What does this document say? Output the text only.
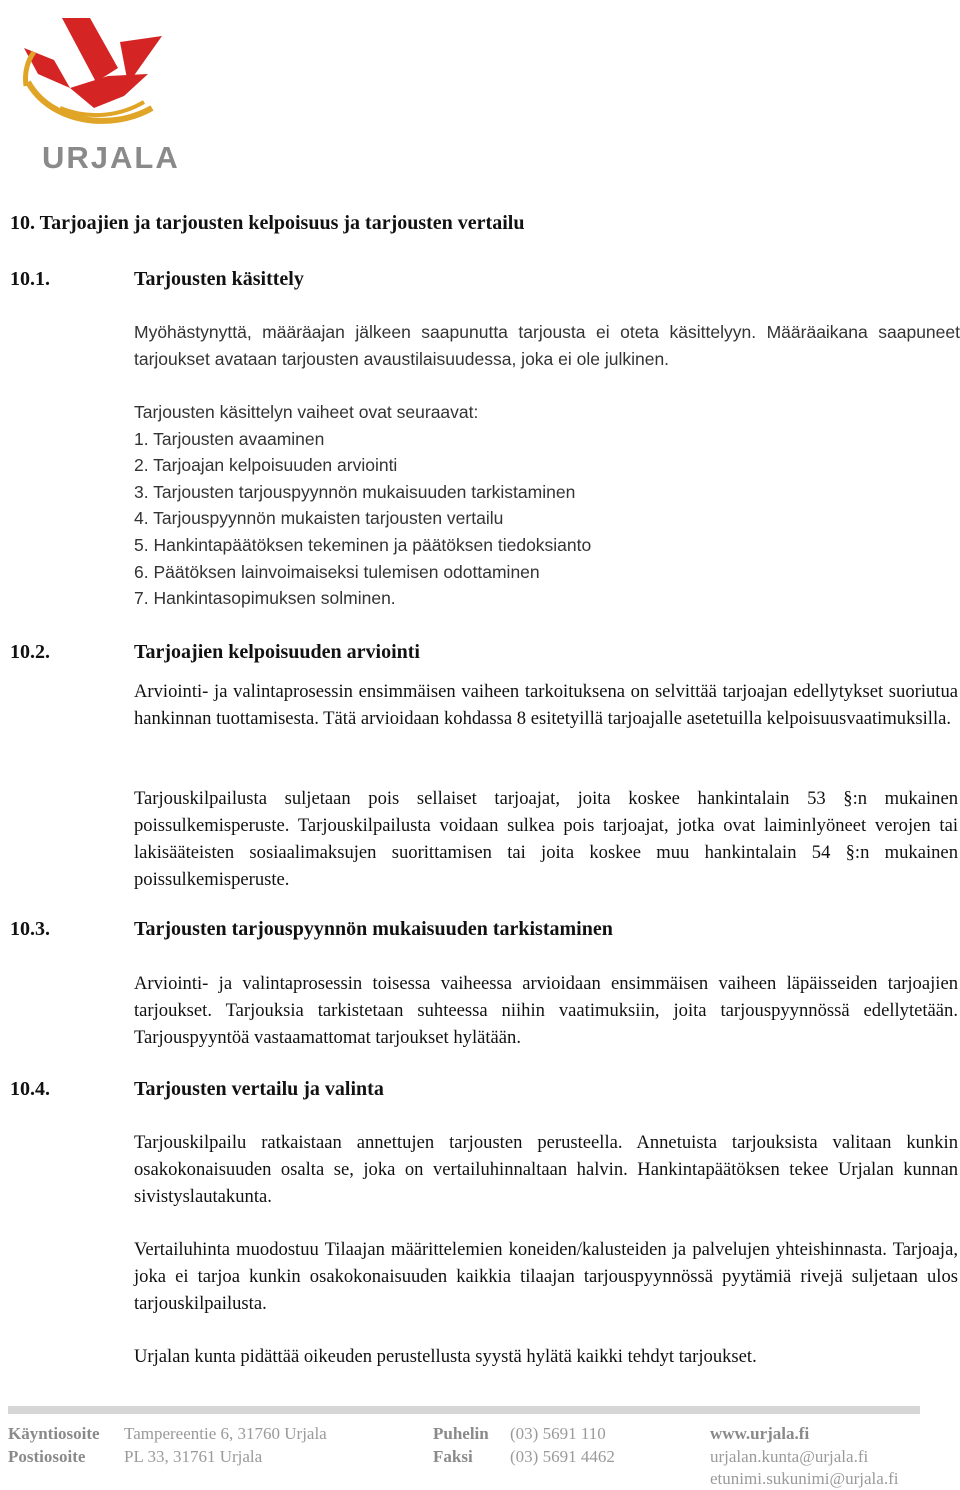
URJALA
10. Tarjoajien ja tarjousten kelpoisuus ja tarjousten vertailu
10.1.	Tarjousten käsittely
Myöhästynyttä, määräajan jälkeen saapunutta tarjousta ei oteta käsittelyyn. Määräaikana saapuneet tarjoukset avataan tarjousten avaustilaisuudessa, joka ei ole julkinen.
Tarjousten käsittelyn vaiheet ovat seuraavat:
1. Tarjousten avaaminen
2. Tarjoajan kelpoisuuden arviointi
3. Tarjousten tarjouspyynnön mukaisuuden tarkistaminen
4. Tarjouspyynnön mukaisten tarjousten vertailu
5. Hankintapäätöksen tekeminen ja päätöksen tiedoksianto
6. Päätöksen lainvoimaiseksi tulemisen odottaminen
7. Hankintasopimuksen solminen.
10.2.	Tarjoajien kelpoisuuden arviointi
Arviointi- ja valintaprosessin ensimmäisen vaiheen tarkoituksena on selvittää tarjoajan edellytykset suoriutua hankinnan tuottamisesta. Tätä arvioidaan kohdassa 8 esitetyillä tarjoajalle asetetuilla kelpoisuusvaatimuksilla.
Tarjouskilpailusta suljetaan pois sellaiset tarjoajat, joita koskee hankintalain 53 §:n mukainen poissulkemisperuste. Tarjouskilpailusta voidaan sulkea pois tarjoajat, jotka ovat laiminlyöneet verojen tai lakisääteisten sosiaalimaksujen suorittamisen tai joita koskee muu hankintalain 54 §:n mukainen poissulkemisperuste.
10.3.	Tarjousten tarjouspyynnön mukaisuuden tarkistaminen
Arviointi- ja valintaprosessin toisessa vaiheessa arvioidaan ensimmäisen vaiheen läpäisseiden tarjoajien tarjoukset. Tarjouksia tarkistetaan suhteessa niihin vaatimuksiin, joita tarjouspyynnössä edellytetään. Tarjouspyyntöä vastaamattomat tarjoukset hylätään.
10.4.	Tarjousten vertailu ja valinta
Tarjouskilpailu ratkaistaan annettujen tarjousten perusteella. Annetuista tarjouksista valitaan kunkin osakokonaisuuden osalta se, joka on vertailuhinnaltaan halvin. Hankintapäätöksen tekee Urjalan kunnan sivistyslautakunta.
Vertailuhinta muodostuu Tilaajan määrittelemien koneiden/kalusteiden ja palvelujen yhteishinnasta. Tarjoaja, joka ei tarjoa kunkin osakokonaisuuden kaikkia tilaajan tarjouspyynnössä pyytämiä rivejä suljetaan ulos tarjouskilpailusta.
Urjalan kunta pidättää oikeuden perustellusta syystä hylätä kaikki tehdyt tarjoukset.
Käyntiosoite Tampereentie 6, 31760 Urjala
Postiosoite PL 33, 31761 Urjala
Puhelin (03) 5691 110
Faksi (03) 5691 4462
www.urjala.fi
urjalan.kunta@urjala.fi
etunimi.sukunimi@urjala.fi
